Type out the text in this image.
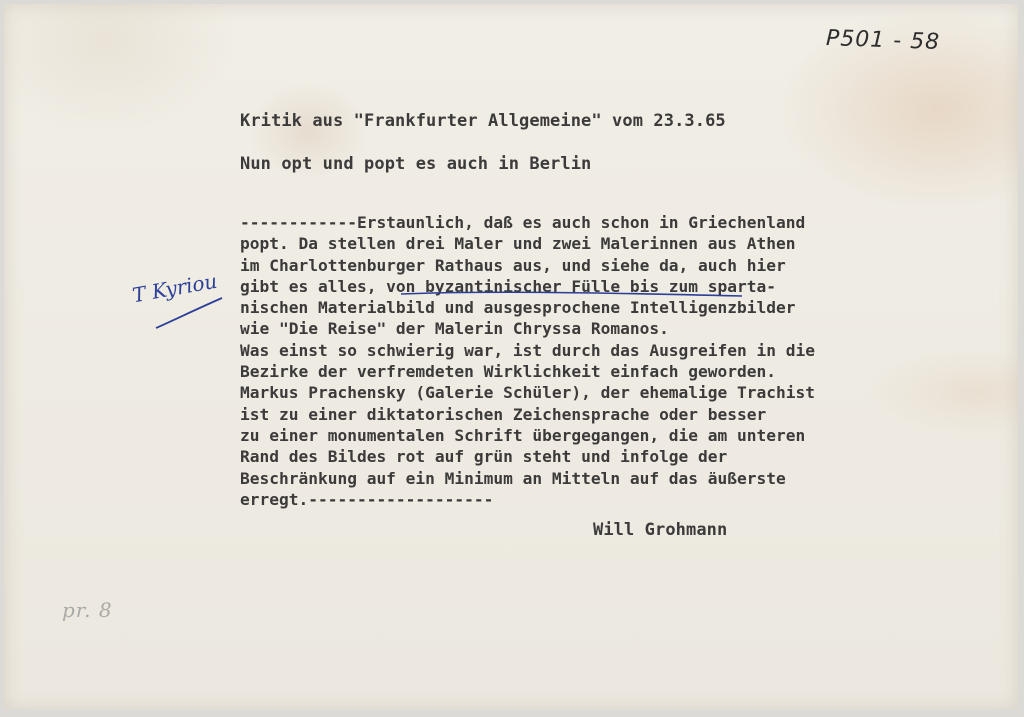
P501 - 58
Kritik aus "Frankfurter Allgemeine" vom 23.3.65
Nun opt und popt es auch in Berlin
------------Erstaunlich, daß es auch schon in Griechenland
popt. Da stellen drei Maler und zwei Malerinnen aus Athen
im Charlottenburger Rathaus aus, und siehe da, auch hier
gibt es alles, von byzantinischer Fülle bis zum sparta-
nischen Materialbild und ausgesprochene Intelligenzbilder
wie "Die Reise" der Malerin Chryssa Romanos.
Was einst so schwierig war, ist durch das Ausgreifen in die
Bezirke der verfremdeten Wirklichkeit einfach geworden.
Markus Prachensky (Galerie Schüler), der ehemalige Trachist
ist zu einer diktatorischen Zeichensprache oder besser
zu einer monumentalen Schrift übergegangen, die am unteren
Rand des Bildes rot auf grün steht und infolge der
Beschränkung auf ein Minimum an Mitteln auf das äußerste
erregt.-------------------
T Kyriou
Will Grohmann
pr. 8
